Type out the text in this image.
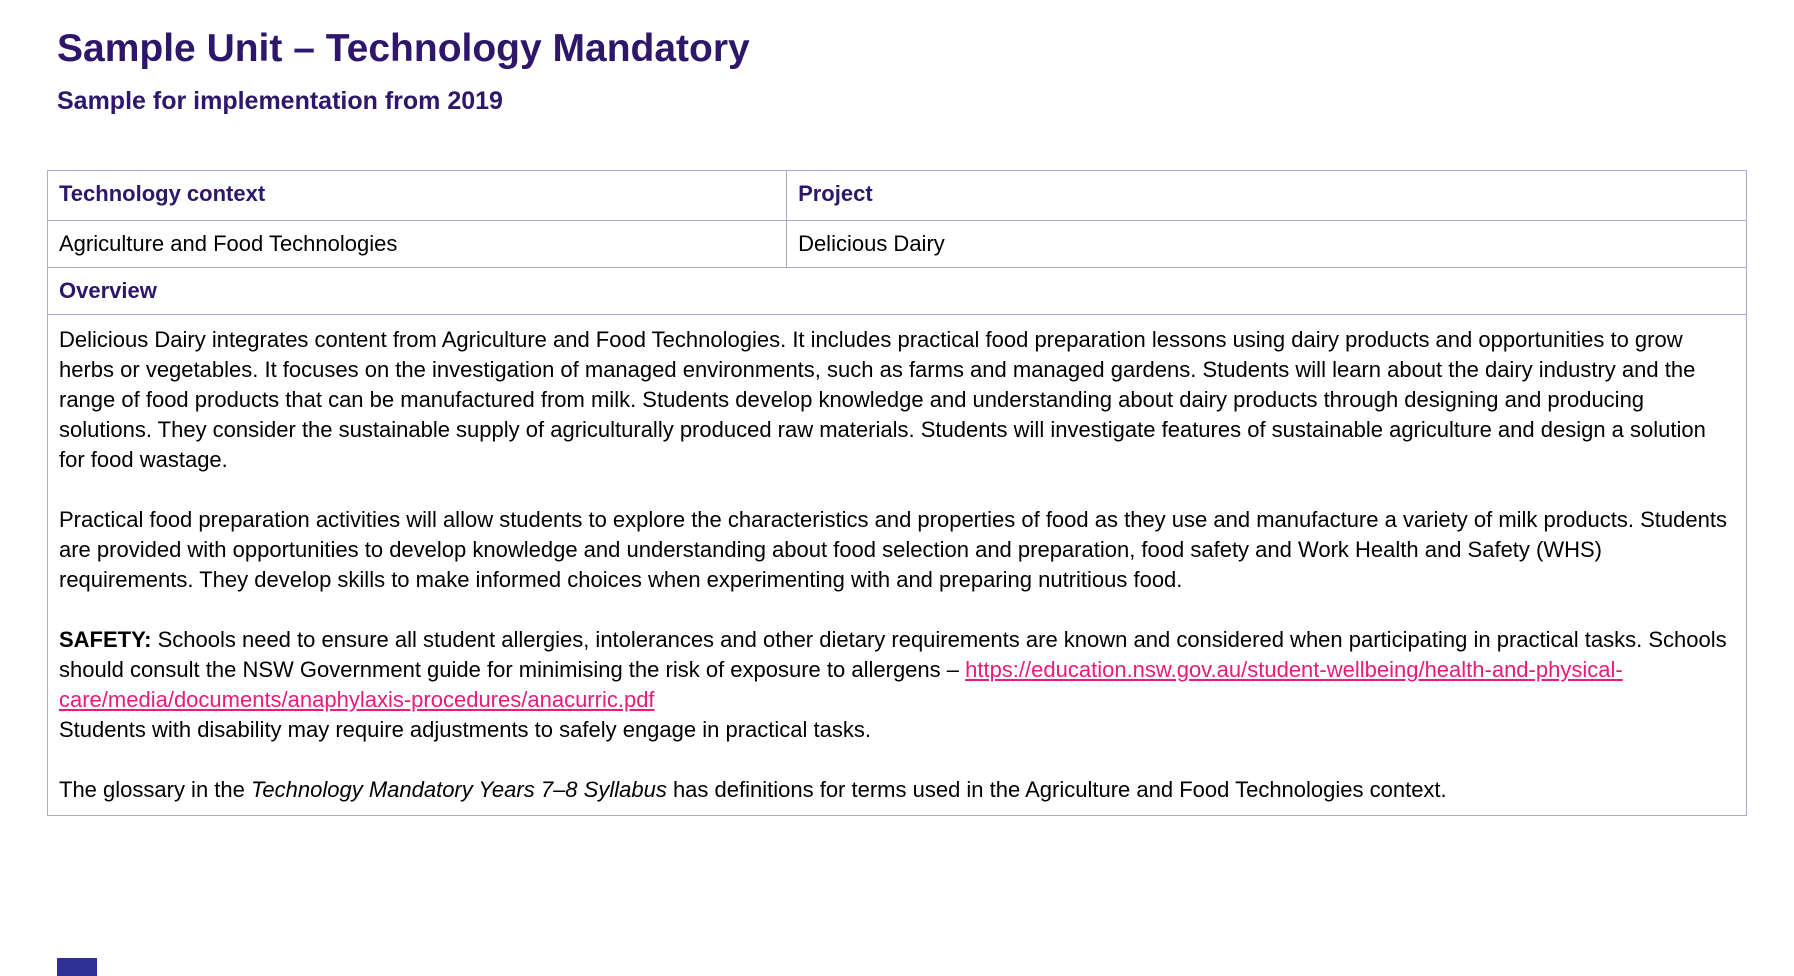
Sample Unit – Technology Mandatory
Sample for implementation from 2019
Technology context	Project
Agriculture and Food Technologies	Delicious Dairy
Overview	

Delicious Dairy integrates content from Agriculture and Food Technologies. It includes practical food preparation lessons using dairy products and opportunities to grow herbs or vegetables. It focuses on the investigation of managed environments, such as farms and managed gardens. Students will learn about the dairy industry and the range of food products that can be manufactured from milk. Students develop knowledge and understanding about dairy products through designing and producing solutions. They consider the sustainable supply of agriculturally produced raw materials. Students will investigate features of sustainable agriculture and design a solution for food wastage.

Practical food preparation activities will allow students to explore the characteristics and properties of food as they use and manufacture a variety of milk products. Students are provided with opportunities to develop knowledge and understanding about food selection and preparation, food safety and Work Health and Safety (WHS) requirements. They develop skills to make informed choices when experimenting with and preparing nutritious food.

SAFETY: Schools need to ensure all student allergies, intolerances and other dietary requirements are known and considered when participating in practical tasks. Schools should consult the NSW Government guide for minimising the risk of exposure to allergens – https://education.nsw.gov.au/student-wellbeing/health-and-physical-care/media/documents/anaphylaxis-procedures/anacurric.pdf
Students with disability may require adjustments to safely engage in practical tasks.

The glossary in the Technology Mandatory Years 7–8 Syllabus has definitions for terms used in the Agriculture and Food Technologies context.	
